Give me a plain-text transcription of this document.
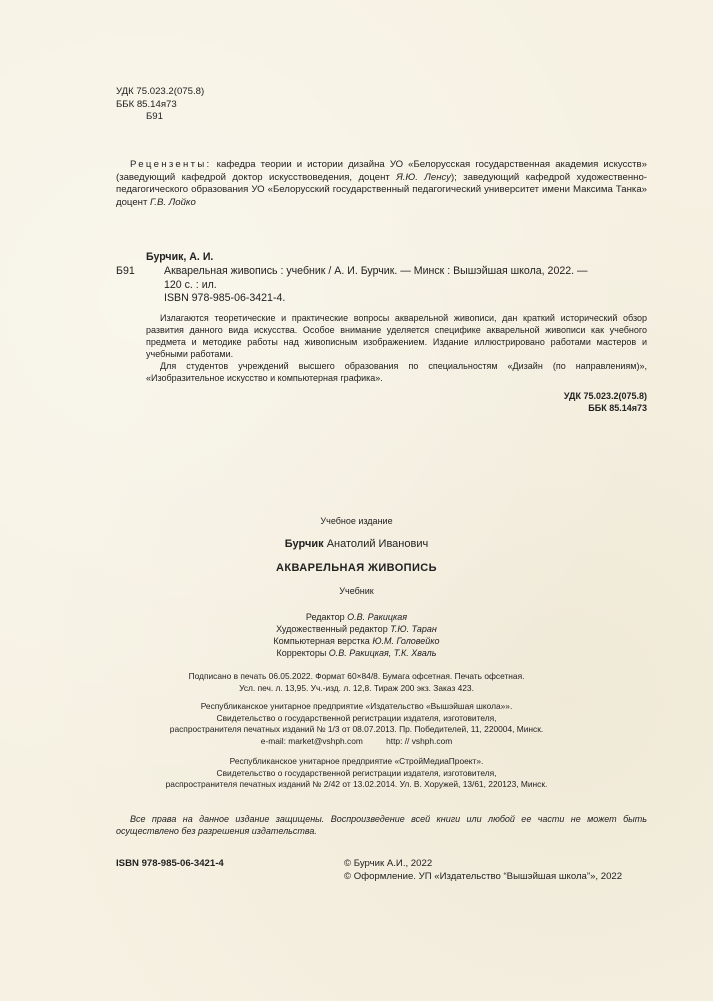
УДК 75.023.2(075.8)

ББК 85.14я73

Б91

Рецензенты: кафедра теории и истории дизайна УО «Белорусская государственная академия искусств» (заведующий кафедрой доктор искусствоведения, доцент Я.Ю. Ленсу); заведующий кафедрой художественно-педагогического образования УО «Белорусский государственный педагогический университет имени Максима Танка» доцент Г.В. Лойко
Бурчик, А. И.
Б91	Акварельная живопись : учебник / А. И. Бурчик. — Минск : Вышэйшая школа, 2022. —
120 с. : ил.
ISBN 978-985-06-3421-4.

Излагаются теоретические и практические вопросы акварельной живописи, дан краткий исторический обзор развития данного вида искусства. Особое внимание уделяется специфике акварельной живописи как учебного предмета и методике работы над живописным изображением. Издание иллюстрировано работами мастеров и учебными работами.

Для студентов учреждений высшего образования по специальностям «Дизайн (по направлениям)», «Изобразительное искусство и компьютерная графика».

УДК 75.023.2(075.8)
ББК 85.14я73
Учебное издание
Бурчик Анатолий Иванович
АКВАРЕЛЬНАЯ ЖИВОПИСЬ
Учебник

Редактор О.В. Ракицкая

Художественный редактор Т.Ю. Таран

Компьютерная верстка Ю.М. Головейко

Корректоры О.В. Ракицкая, Т.К. Хваль

Подписано в печать 06.05.2022. Формат 60×84/8. Бумага офсетная. Печать офсетная.

Усл. печ. л. 13,95. Уч.-изд. л. 12,8. Тираж 200 экз. Заказ 423.

Республиканское унитарное предприятие «Издательство «Вышэйшая школа»».

Свидетельство о государственной регистрации издателя, изготовителя,

распространителя печатных изданий № 1/3 от 08.07.2013. Пр. Победителей, 11, 220004, Минск.

e-mail: market@vshph.com          http: // vshph.com

Республиканское унитарное предприятие «СтройМедиаПроект».

Свидетельство о государственной регистрации издателя, изготовителя,

распространителя печатных изданий № 2/42 от 13.02.2014. Ул. В. Хоружей, 13/61, 220123, Минск.

Все права на данное издание защищены. Воспроизведение всей книги или любой ее части не может быть осуществлено без разрешения издательства.
ISBN 978-985-06-3421-4	© Бурчик А.И., 2022

© Оформление. УП «Издательство “Вышэйшая школа”», 2022
